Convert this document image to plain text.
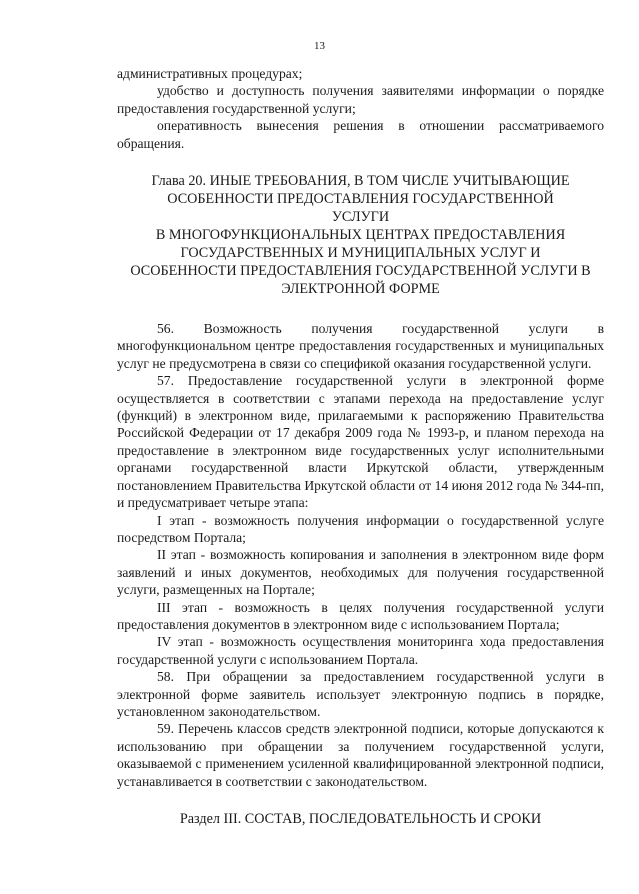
13

административных процедурах;

удобство и доступность получения заявителями информации о порядке предоставления государственной услуги;

оперативность вынесения решения в отношении рассматриваемого обращения.

Глава 20. ИНЫЕ ТРЕБОВАНИЯ, В ТОМ ЧИСЛЕ УЧИТЫВАЮЩИЕ
ОСОБЕННОСТИ ПРЕДОСТАВЛЕНИЯ ГОСУДАРСТВЕННОЙ
УСЛУГИ
В МНОГОФУНКЦИОНАЛЬНЫХ ЦЕНТРАХ ПРЕДОСТАВЛЕНИЯ
ГОСУДАРСТВЕННЫХ И МУНИЦИПАЛЬНЫХ УСЛУГ И
ОСОБЕННОСТИ ПРЕДОСТАВЛЕНИЯ ГОСУДАРСТВЕННОЙ УСЛУГИ В
ЭЛЕКТРОННОЙ ФОРМЕ

56. Возможность получения государственной услуги в многофункциональном центре предоставления государственных и муниципальных услуг не предусмотрена в связи со спецификой оказания государственной услуги.

57. Предоставление государственной услуги в электронной форме осуществляется в соответствии с этапами перехода на предоставление услуг (функций) в электронном виде, прилагаемыми к распоряжению Правительства Российской Федерации от 17 декабря 2009 года № 1993-р, и планом перехода на предоставление в электронном виде государственных услуг исполнительными органами государственной власти Иркутской области, утвержденным постановлением Правительства Иркутской области от 14 июня 2012 года № 344-пп, и предусматривает четыре этапа:

I этап - возможность получения информации о государственной услуге посредством Портала;

II этап - возможность копирования и заполнения в электронном виде форм заявлений и иных документов, необходимых для получения государственной услуги, размещенных на Портале;

III этап - возможность в целях получения государственной услуги предоставления документов в электронном виде с использованием Портала;

IV этап - возможность осуществления мониторинга хода предоставления государственной услуги с использованием Портала.

58. При обращении за предоставлением государственной услуги в электронной форме заявитель использует электронную подпись в порядке, установленном законодательством.

59. Перечень классов средств электронной подписи, которые допускаются к использованию при обращении за получением государственной услуги, оказываемой с применением усиленной квалифицированной электронной подписи, устанавливается в соответствии с законодательством.

Раздел III. СОСТАВ, ПОСЛЕДОВАТЕЛЬНОСТЬ И СРОКИ
